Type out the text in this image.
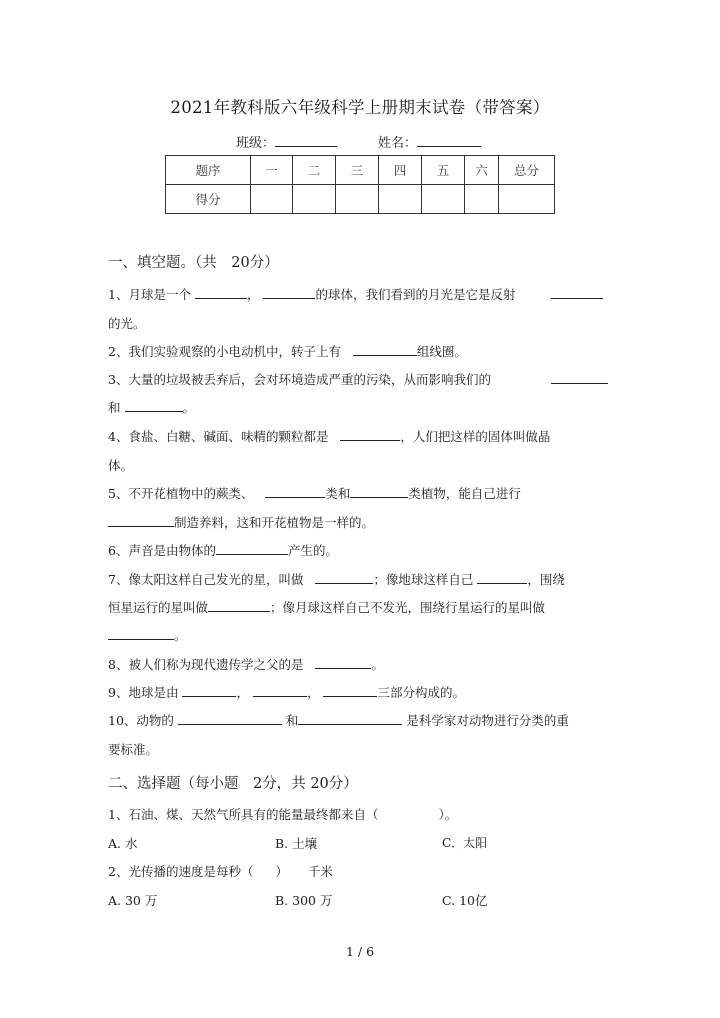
2021年教科版六年级科学上册期末试卷（带答案）
班级：	姓名：
题序	一	二	三	四	五	六	总分
得分							
一、填空题。（共　20分）
1、月球是一个	，	的球体，我们看到的月光是它是反射
的光。
2、我们实验观察的小电动机中，转子上有	组线圈。
3、大量的垃圾被丢弃后，会对环境造成严重的污染，从而影响我们的
和	。
4、食盐、白糖、碱面、味精的颗粒都是	，人们把这样的固体叫做晶
体。
5、不开花植物中的蕨类、	类和	类植物，能自己进行
制造养料，这和开花植物是一样的。
6、声音是由物体的	产生的。
7、像太阳这样自己发光的星，叫做	；像地球这样自己	，围绕
恒星运行的星叫做	；像月球这样自己不发光，围绕行星运行的星叫做
。
8、被人们称为现代遗传学之父的是	。
9、地球是由	，	，	三部分构成的。
10、动物的	和	是科学家对动物进行分类的重
要标准。
二、选择题（每小题　2分，共 20分）
1、石油、煤、天然气所具有的能量最终都来自（	）。
A. 水	B. 土壤	C．太阳
2、光传播的速度是每秒（ ） 千米
A. 30 万	B. 300 万	C. 10亿
1 / 6
